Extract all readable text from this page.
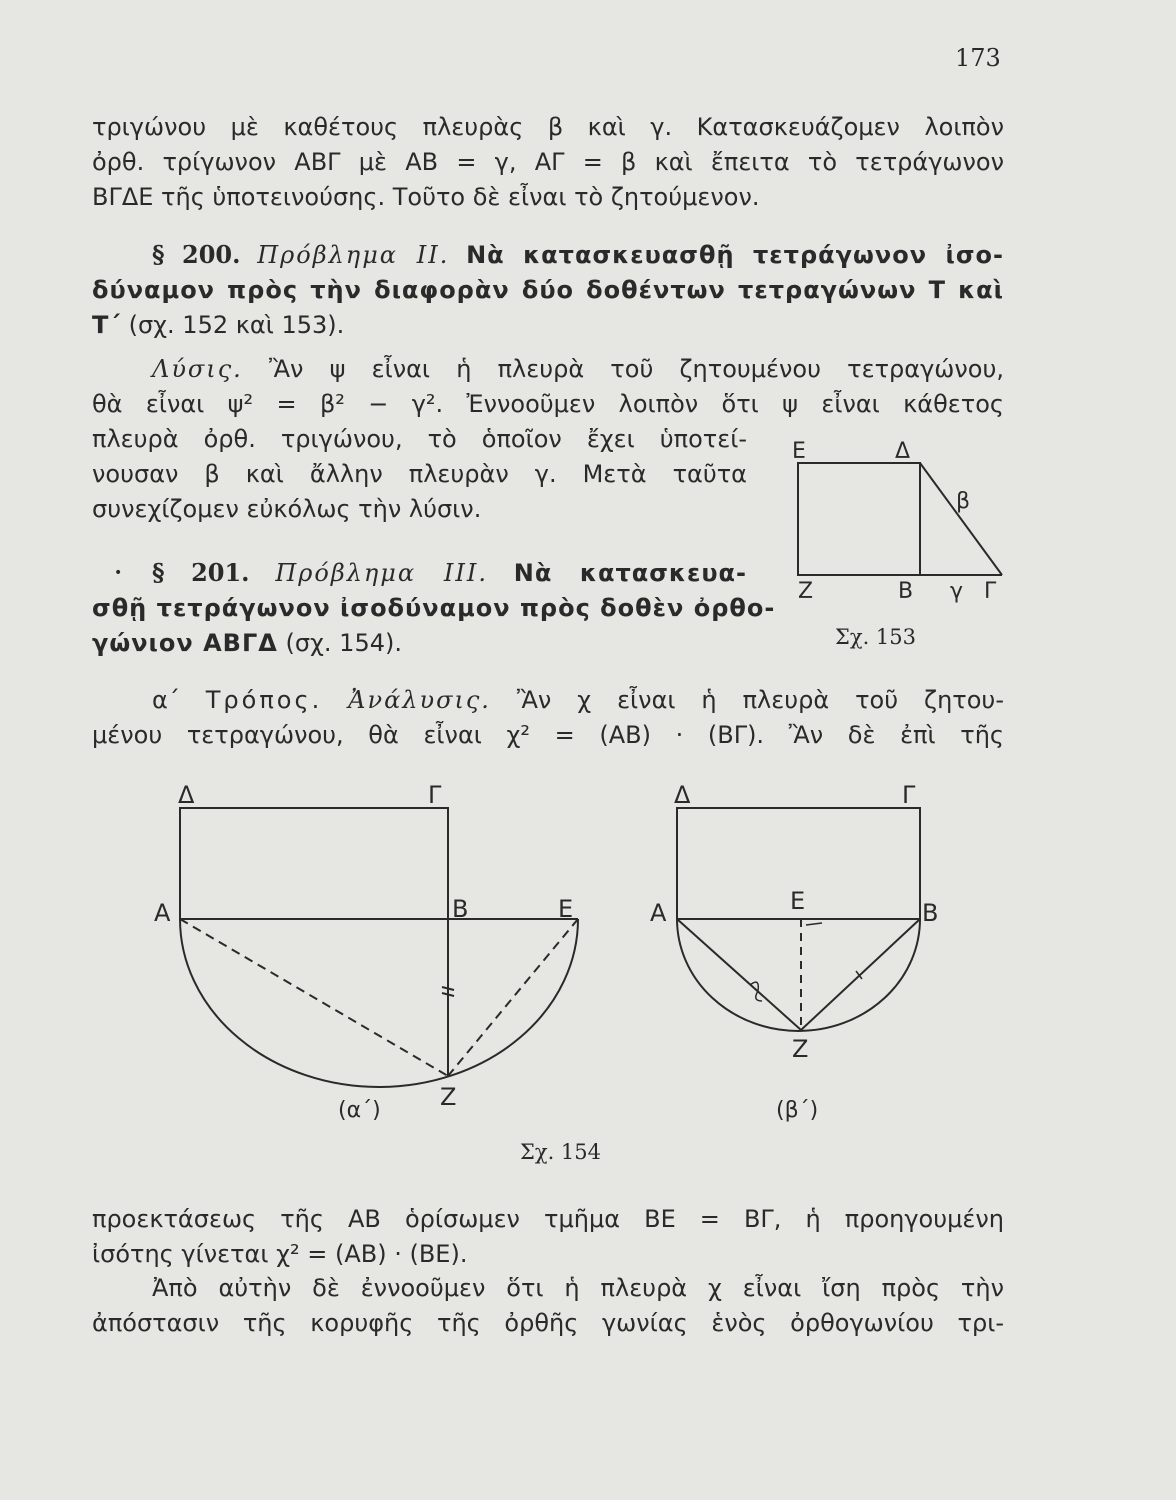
173
τριγώνου μὲ καθέτους πλευρὰς β καὶ γ. Κατασκευάζομεν λοιπὸν
ὀρθ. τρίγωνον ΑΒΓ μὲ ΑΒ = γ, ΑΓ = β καὶ ἔπειτα τὸ τετράγωνον
ΒΓΔΕ τῆς ὑποτεινούσης. Τοῦτο δὲ εἶναι τὸ ζητούμενον.
§ 200. Πρόβλημα ΙΙ. Νὰ κατασκευασθῇ τετράγωνον ἰσο-
δύναμον πρὸς τὴν διαφορὰν δύο δοθέντων τετραγώνων Τ καὶ
Τ΄ (σχ. 152 καὶ 153).
Λύσις. Ἂν ψ εἶναι ἡ πλευρὰ τοῦ ζητουμένου τετραγώνου,
θὰ εἶναι ψ² = β² − γ². Ἐννοοῦμεν λοιπὸν ὅτι ψ εἶναι κάθετος
πλευρὰ ὀρθ. τριγώνου, τὸ ὁποῖον ἔχει ὑποτεί-
νουσαν β καὶ ἄλλην πλευρὰν γ. Μετὰ ταῦτα
συνεχίζομεν εὐκόλως τὴν λύσιν.
• § 201. Πρόβλημα ΙΙΙ. Νὰ κατασκευα-
σθῇ τετράγωνον ἰσοδύναμον πρὸς δοθὲν ὀρθο-
γώνιον ΑΒΓΔ (σχ. 154).
Ε	Δ
β
Ζ	Β γ Γ
Σχ. 153
α΄ Τρόπος. Ἀνάλυσις. Ἂν χ εἶναι ἡ πλευρὰ τοῦ ζητου-
μένου τετραγώνου, θὰ εἶναι χ² = (ΑΒ) · (ΒΓ). Ἂν δὲ ἐπὶ τῆς
Δ	Γ
Α	Β	Ε
Ζ
(α΄)
Δ	Γ
Α	Ε	Β
Ζ
(β΄)
Σχ. 154
προεκτάσεως τῆς ΑΒ ὁρίσωμεν τμῆμα ΒΕ = ΒΓ, ἡ προηγουμένη
ἰσότης γίνεται χ² = (ΑΒ) · (ΒΕ).
Ἀπὸ αὐτὴν δὲ ἐννοοῦμεν ὅτι ἡ πλευρὰ χ εἶναι ἴση πρὸς τὴν
ἀπόστασιν τῆς κορυφῆς τῆς ὀρθῆς γωνίας ἑνὸς ὀρθογωνίου τρι-
